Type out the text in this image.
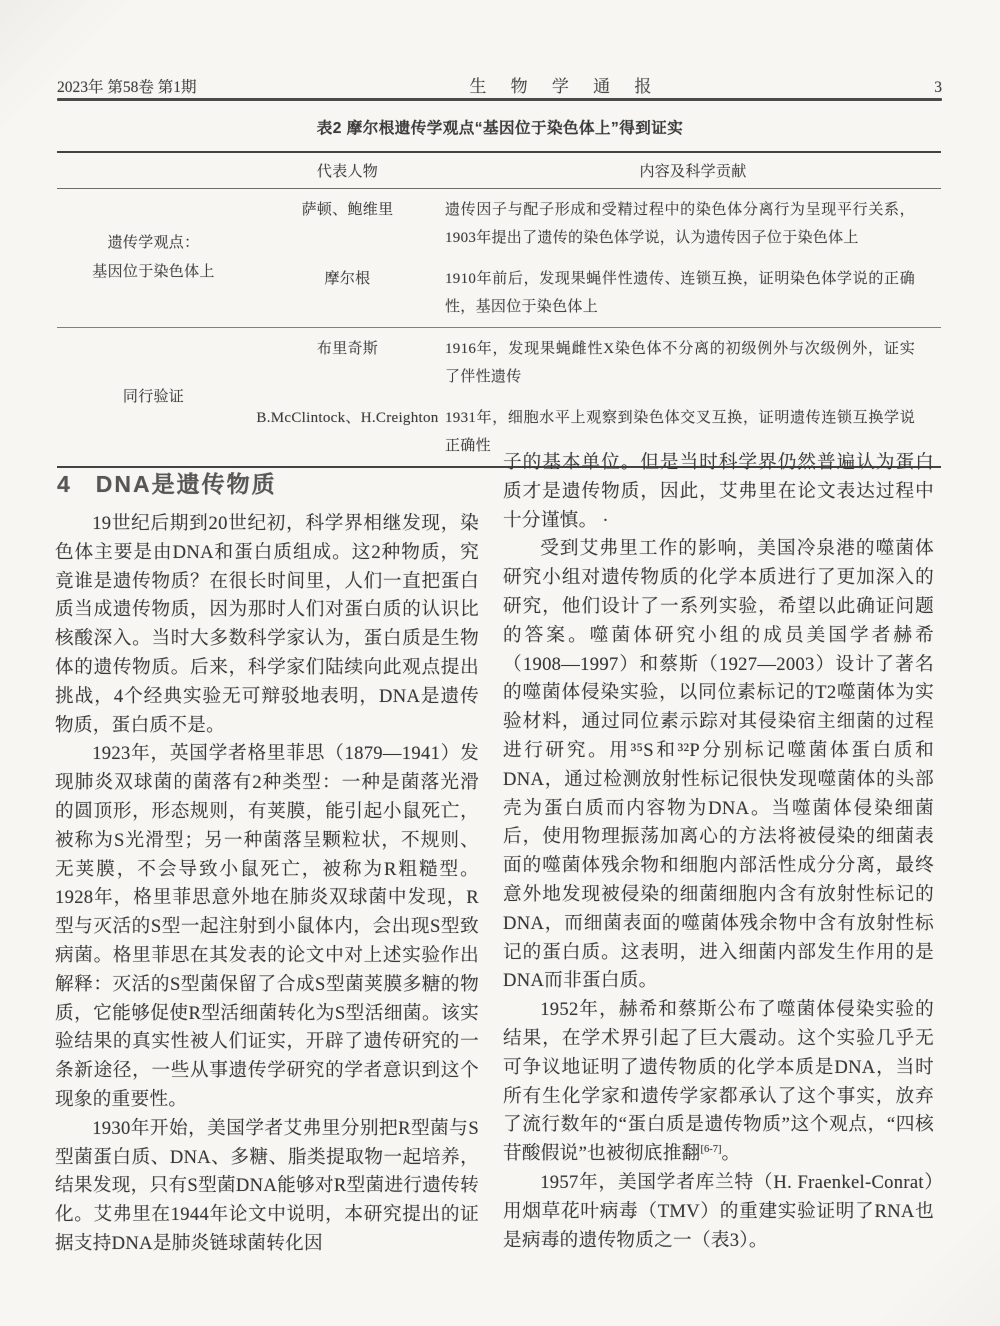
2023年 第58卷 第1期	生 物 学 通 报	3
表2 摩尔根遗传学观点“基因位于染色体上”得到证实
代表人物	内容及科学贡献
遗传学观点：
基因位于染色体上
萨顿、鲍维里	遗传因子与配子形成和受精过程中的染色体分离行为呈现平行关系，1903年提出了遗传的染色体学说，认为遗传因子位于染色体上
摩尔根	1910年前后，发现果蝇伴性遗传、连锁互换，证明染色体学说的正确性，基因位于染色体上
同行验证
布里奇斯	1916年，发现果蝇雌性X染色体不分离的初级例外与次级例外，证实了伴性遗传
B.McClintock、H.Creighton 1931年，细胞水平上观察到染色体交叉互换，证明遗传连锁互换学说正确性
4 DNA是遗传物质

19世纪后期到20世纪初，科学界相继发现，染色体主要是由DNA和蛋白质组成。这2种物质，究竟谁是遗传物质？在很长时间里，人们一直把蛋白质当成遗传物质，因为那时人们对蛋白质的认识比核酸深入。当时大多数科学家认为，蛋白质是生物体的遗传物质。后来，科学家们陆续向此观点提出挑战，4个经典实验无可辩驳地表明，DNA是遗传物质，蛋白质不是。

1923年，英国学者格里菲思（1879—1941）发现肺炎双球菌的菌落有2种类型：一种是菌落光滑的圆顶形，形态规则，有荚膜，能引起小鼠死亡，被称为S光滑型；另一种菌落呈颗粒状，不规则、无荚膜，不会导致小鼠死亡，被称为R粗糙型。1928年，格里菲思意外地在肺炎双球菌中发现，R型与灭活的S型一起注射到小鼠体内，会出现S型致病菌。格里菲思在其发表的论文中对上述实验作出解释：灭活的S型菌保留了合成S型菌荚膜多糖的物质，它能够促使R型活细菌转化为S型活细菌。该实验结果的真实性被人们证实，开辟了遗传研究的一条新途径，一些从事遗传学研究的学者意识到这个现象的重要性。

1930年开始，美国学者艾弗里分别把R型菌与S型菌蛋白质、DNA、多糖、脂类提取物一起培养，结果发现，只有S型菌DNA能够对R型菌进行遗传转化。艾弗里在1944年论文中说明，本研究提出的证据支持DNA是肺炎链球菌转化因

子的基本单位。但是当时科学界仍然普遍认为蛋白质才是遗传物质，因此，艾弗里在论文表达过程中十分谨慎。 ·

受到艾弗里工作的影响，美国冷泉港的噬菌体研究小组对遗传物质的化学本质进行了更加深入的研究，他们设计了一系列实验，希望以此确证问题的答案。噬菌体研究小组的成员美国学者赫希（1908—1997）和蔡斯（1927—2003）设计了著名的噬菌体侵染实验，以同位素标记的T2噬菌体为实验材料，通过同位素示踪对其侵染宿主细菌的过程进行研究。用³⁵S和³²P分别标记噬菌体蛋白质和DNA，通过检测放射性标记很快发现噬菌体的头部壳为蛋白质而内容物为DNA。当噬菌体侵染细菌后，使用物理振荡加离心的方法将被侵染的细菌表面的噬菌体残余物和细胞内部活性成分分离，最终意外地发现被侵染的细菌细胞内含有放射性标记的DNA，而细菌表面的噬菌体残余物中含有放射性标记的蛋白质。这表明，进入细菌内部发生作用的是DNA而非蛋白质。

1952年，赫希和蔡斯公布了噬菌体侵染实验的结果，在学术界引起了巨大震动。这个实验几乎无可争议地证明了遗传物质的化学本质是DNA，当时所有生化学家和遗传学家都承认了这个事实，放弃了流行数年的“蛋白质是遗传物质”这个观点，“四核苷酸假说”也被彻底推翻[6-7]。

1957年，美国学者库兰特（H. Fraenkel-Conrat）用烟草花叶病毒（TMV）的重建实验证明了RNA也是病毒的遗传物质之一（表3）。
